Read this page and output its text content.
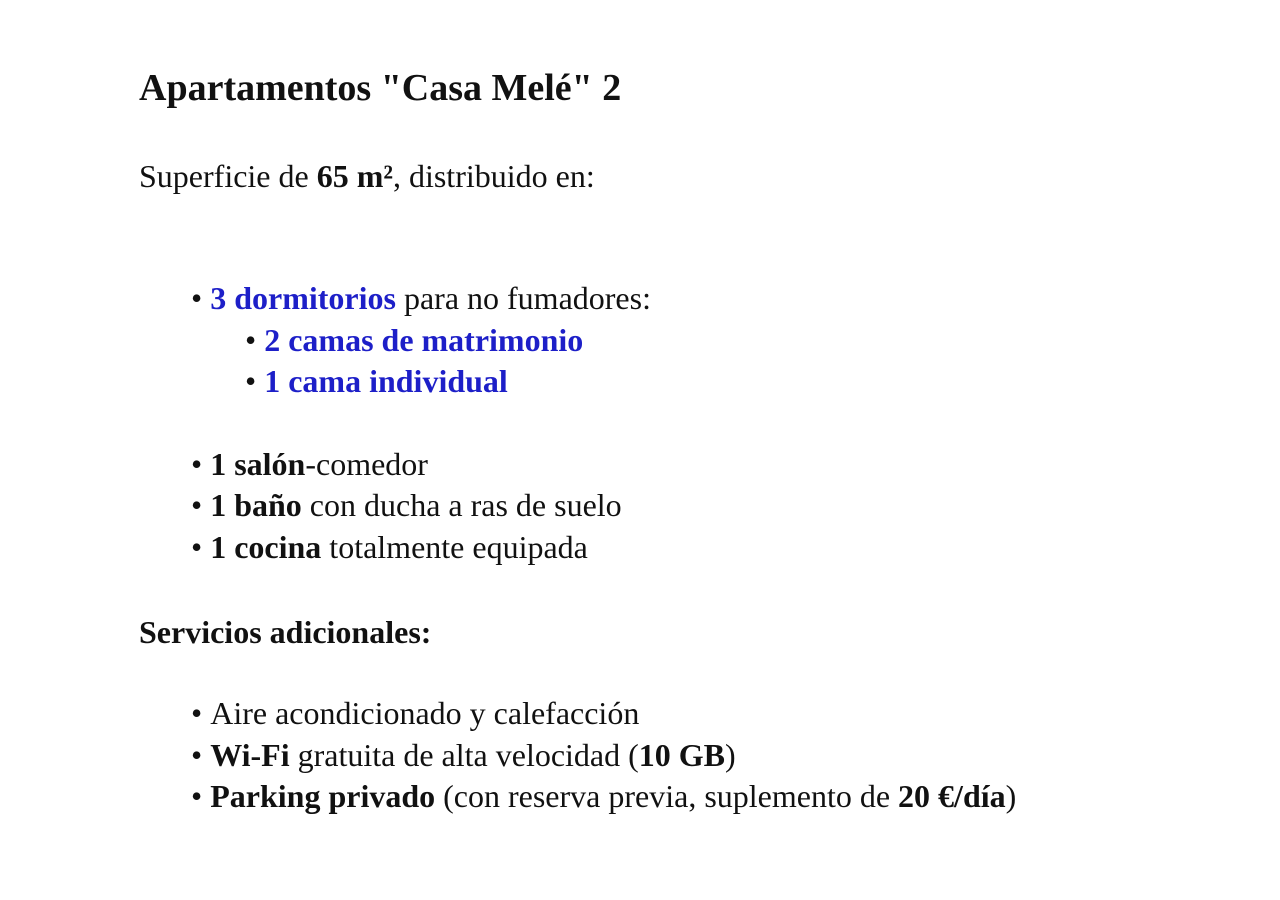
Apartamentos "Casa Melé" 2

Superficie de 65 m², distribuido en:

• 3 dormitorios para no fumadores:
• 2 camas de matrimonio
• 1 cama individual
• 1 salón-comedor
• 1 baño con ducha a ras de suelo
• 1 cocina totalmente equipada

Servicios adicionales:

• Aire acondicionado y calefacción
• Wi-Fi gratuita de alta velocidad (10 GB)
• Parking privado (con reserva previa, suplemento de 20 €/día)
